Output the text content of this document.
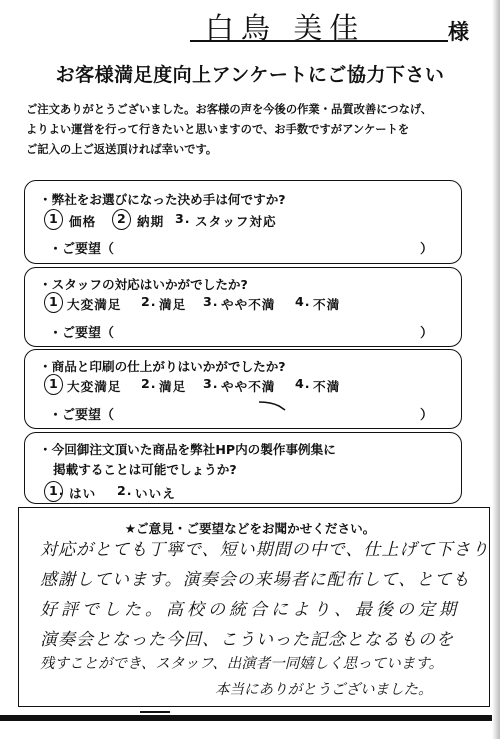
白鳥 美佳	様
お客様満足度向上アンケートにご協力下さい
ご注文ありがとうございました。お客様の声を今後の作業・品質改善につなげ、
よりよい運営を行って行きたいと思いますので、お手数ですがアンケートを
ご記入の上ご返送頂ければ幸いです。
・弊社をお選びになった決め手は何ですか?
1 価格 2 納期 3. スタッフ対応
・ご要望（	）
・スタッフの対応はいかがでしたか?
1 大変満足 2. 満足 3. やや不満 4. 不満
・ご要望（	）
・商品と印刷の仕上がりはいかがでしたか?
1 大変満足 2. 満足 3. やや不満 4. 不満
・ご要望（	）
・今回御注文頂いた商品を弊社HP内の製作事例集に
掲載することは可能でしょうか?
1. はい 2. いいえ
★ご意見・ご要望などをお聞かせください。
対応がとても丁寧で、短い期間の中で、仕上げて下さり
感謝しています。演奏会の来場者に配布して、とても
好評でした。高校の統合により、最後の定期
演奏会となった今回、こういった記念となるものを
残すことができ、スタッフ、出演者一同嬉しく思っています。
本当にありがとうございました。
